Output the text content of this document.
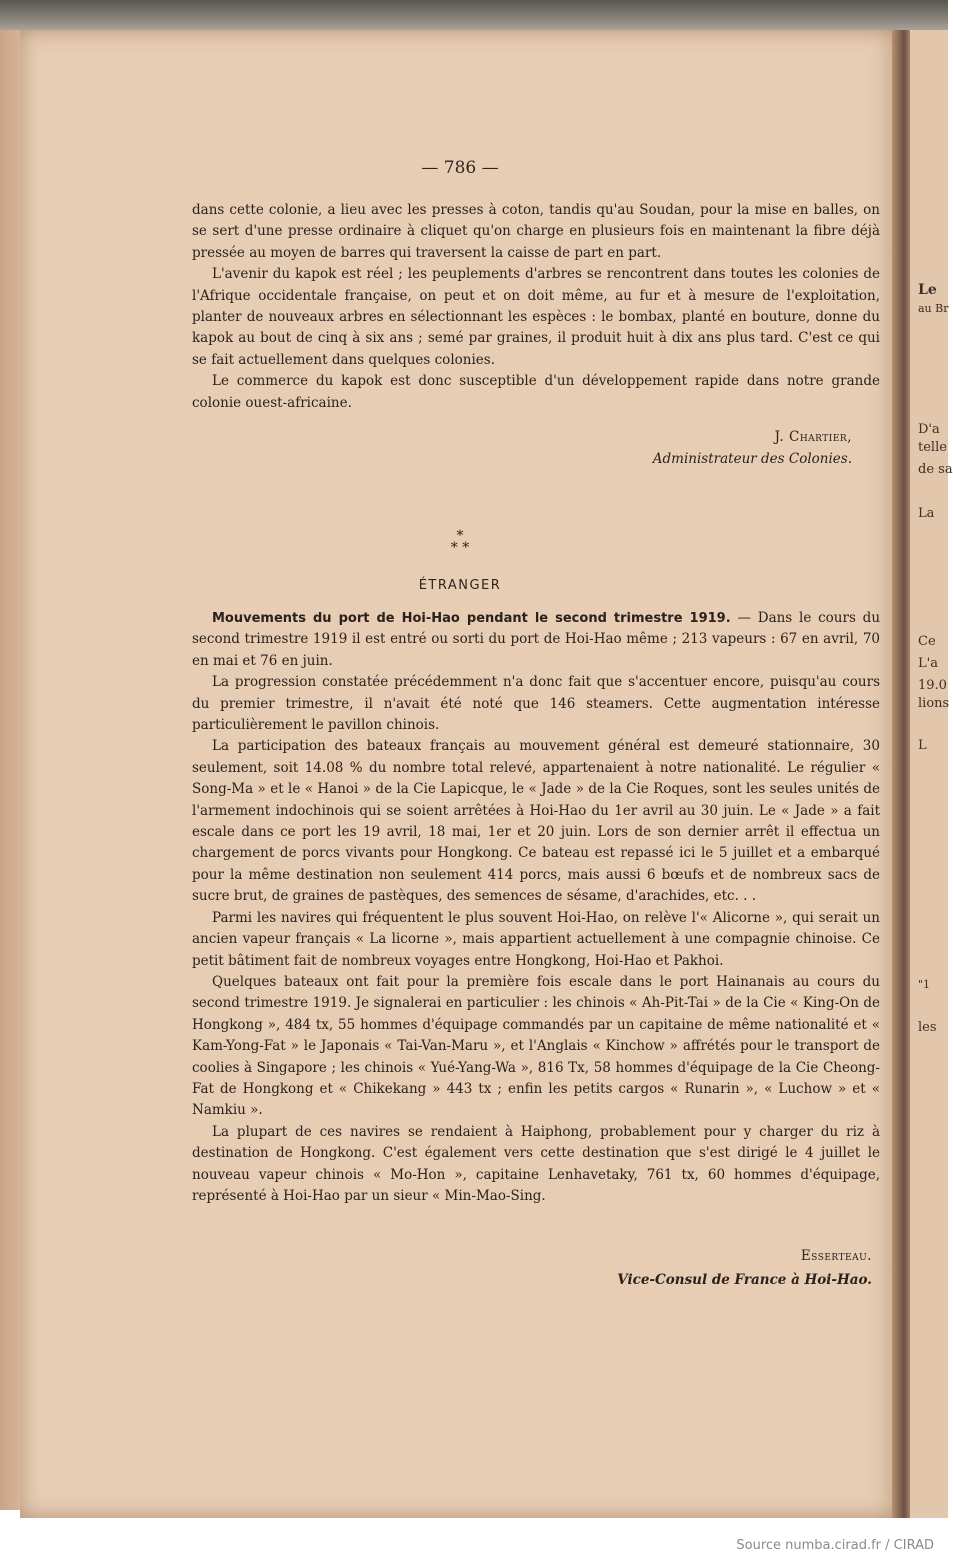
— 786 —

dans cette colonie, a lieu avec les presses à coton, tandis qu'au Soudan, pour la mise en balles, on se sert d'une presse ordinaire à cliquet qu'on charge en plusieurs fois en maintenant la fibre déjà pressée au moyen de barres qui traversent la caisse de part en part.

L'avenir du kapok est réel ; les peuplements d'arbres se rencontrent dans toutes les colonies de l'Afrique occidentale française, on peut et on doit même, au fur et à mesure de l'exploitation, planter de nouveaux arbres en sélectionnant les espèces : le bombax, planté en bouture, donne du kapok au bout de cinq à six ans ; semé par graines, il produit huit à dix ans plus tard. C'est ce qui se fait actuellement dans quelques colonies.

Le commerce du kapok est donc susceptible d'un développement rapide dans notre grande colonie ouest-africaine.

J. Chartier,
Administrateur des Colonies.
*
* *
ÉTRANGER

Mouvements du port de Hoi-Hao pendant le second trimestre 1919. — Dans le cours du second trimestre 1919 il est entré ou sorti du port de Hoi-Hao même ; 213 vapeurs : 67 en avril, 70 en mai et 76 en juin.

La progression constatée précédemment n'a donc fait que s'accentuer encore, puisqu'au cours du premier trimestre, il n'avait été noté que 146 steamers. Cette augmentation intéresse particulièrement le pavillon chinois.

La participation des bateaux français au mouvement général est demeuré stationnaire, 30 seulement, soit 14.08 % du nombre total relevé, appartenaient à notre nationalité. Le régulier « Song-Ma » et le « Hanoi » de la Cie Lapicque, le « Jade » de la Cie Roques, sont les seules unités de l'armement indochinois qui se soient arrêtées à Hoi-Hao du 1er avril au 30 juin. Le « Jade » a fait escale dans ce port les 19 avril, 18 mai, 1er et 20 juin. Lors de son dernier arrêt il effectua un chargement de porcs vivants pour Hongkong. Ce bateau est repassé ici le 5 juillet et a embarqué pour la même destination non seulement 414 porcs, mais aussi 6 bœufs et de nombreux sacs de sucre brut, de graines de pastèques, des semences de sésame, d'arachides, etc. . .

Parmi les navires qui fréquentent le plus souvent Hoi-Hao, on relève l'« Alicorne », qui serait un ancien vapeur français « La licorne », mais appartient actuellement à une compagnie chinoise. Ce petit bâtiment fait de nombreux voyages entre Hongkong, Hoi-Hao et Pakhoi.

Quelques bateaux ont fait pour la première fois escale dans le port Hainanais au cours du second trimestre 1919. Je signalerai en particulier : les chinois « Ah-Pit-Tai » de la Cie « King-On de Hongkong », 484 tx, 55 hommes d'équipage commandés par un capitaine de même nationalité et « Kam-Yong-Fat » le Japonais « Tai-Van-Maru », et l'Anglais « Kinchow » affrétés pour le transport de coolies à Singapore ; les chinois « Yué-Yang-Wa », 816 Tx, 58 hommes d'équipage de la Cie Cheong-Fat de Hongkong et « Chikekang » 443 tx ; enfin les petits cargos « Runarin », « Luchow » et « Namkiu ».

La plupart de ces navires se rendaient à Haiphong, probablement pour y charger du riz à destination de Hongkong. C'est également vers cette destination que s'est dirigé le 4 juillet le nouveau vapeur chinois « Mo-Hon », capitaine Lenhavetaky, 761 tx, 60 hommes d'équipage, représenté à Hoi-Hao par un sieur « Min-Mao-Sing.

Esserteau.
Vice-Consul de France à Hoi-Hao.
Le
au Br
D'a
telle
de sa
La
Ce
L'a
19.0
lions
L
"1
les
Source numba.cirad.fr / CIRAD
